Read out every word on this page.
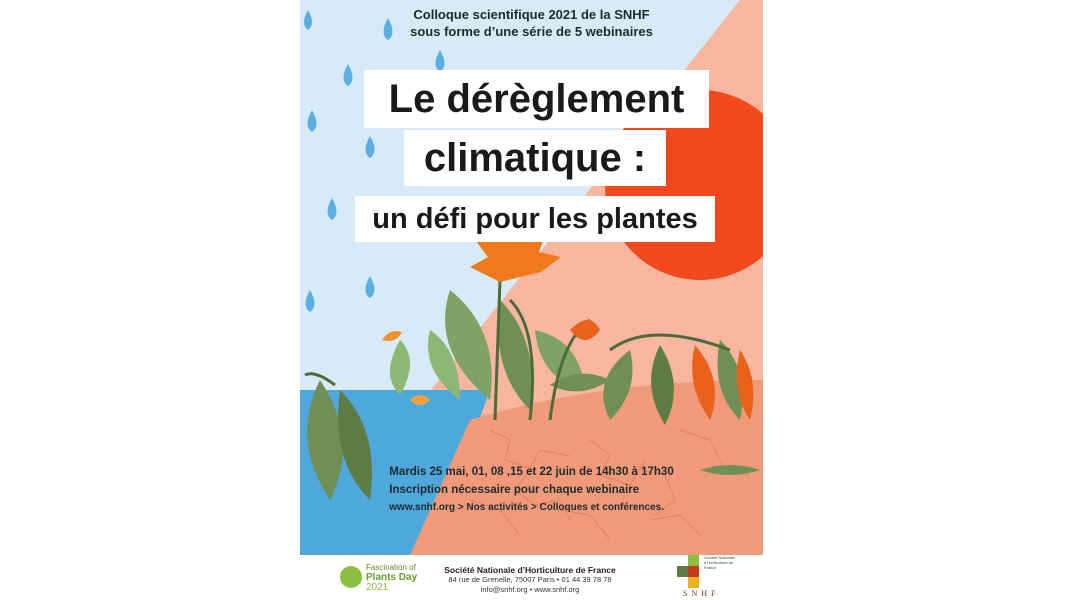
Colloque scientifique 2021 de la SNHF
sous forme d’une série de 5 webinaires
Le dérèglement
climatique :
un défi pour les plantes
Mardis 25 mai, 01, 08 ,15 et 22 juin de 14h30 à 17h30
Inscription nécessaire pour chaque webinaire
www.snhf.org > Nos activités > Colloques et conférences.
Fascination of
Plants Day
2021
Société Nationale d’Horticulture de France
84 rue de Grenelle, 75007 Paris • 01 44 39 78 78
info@snhf.org • www.snhf.org
Société Nationale d’Horticulture de France
SNHF
